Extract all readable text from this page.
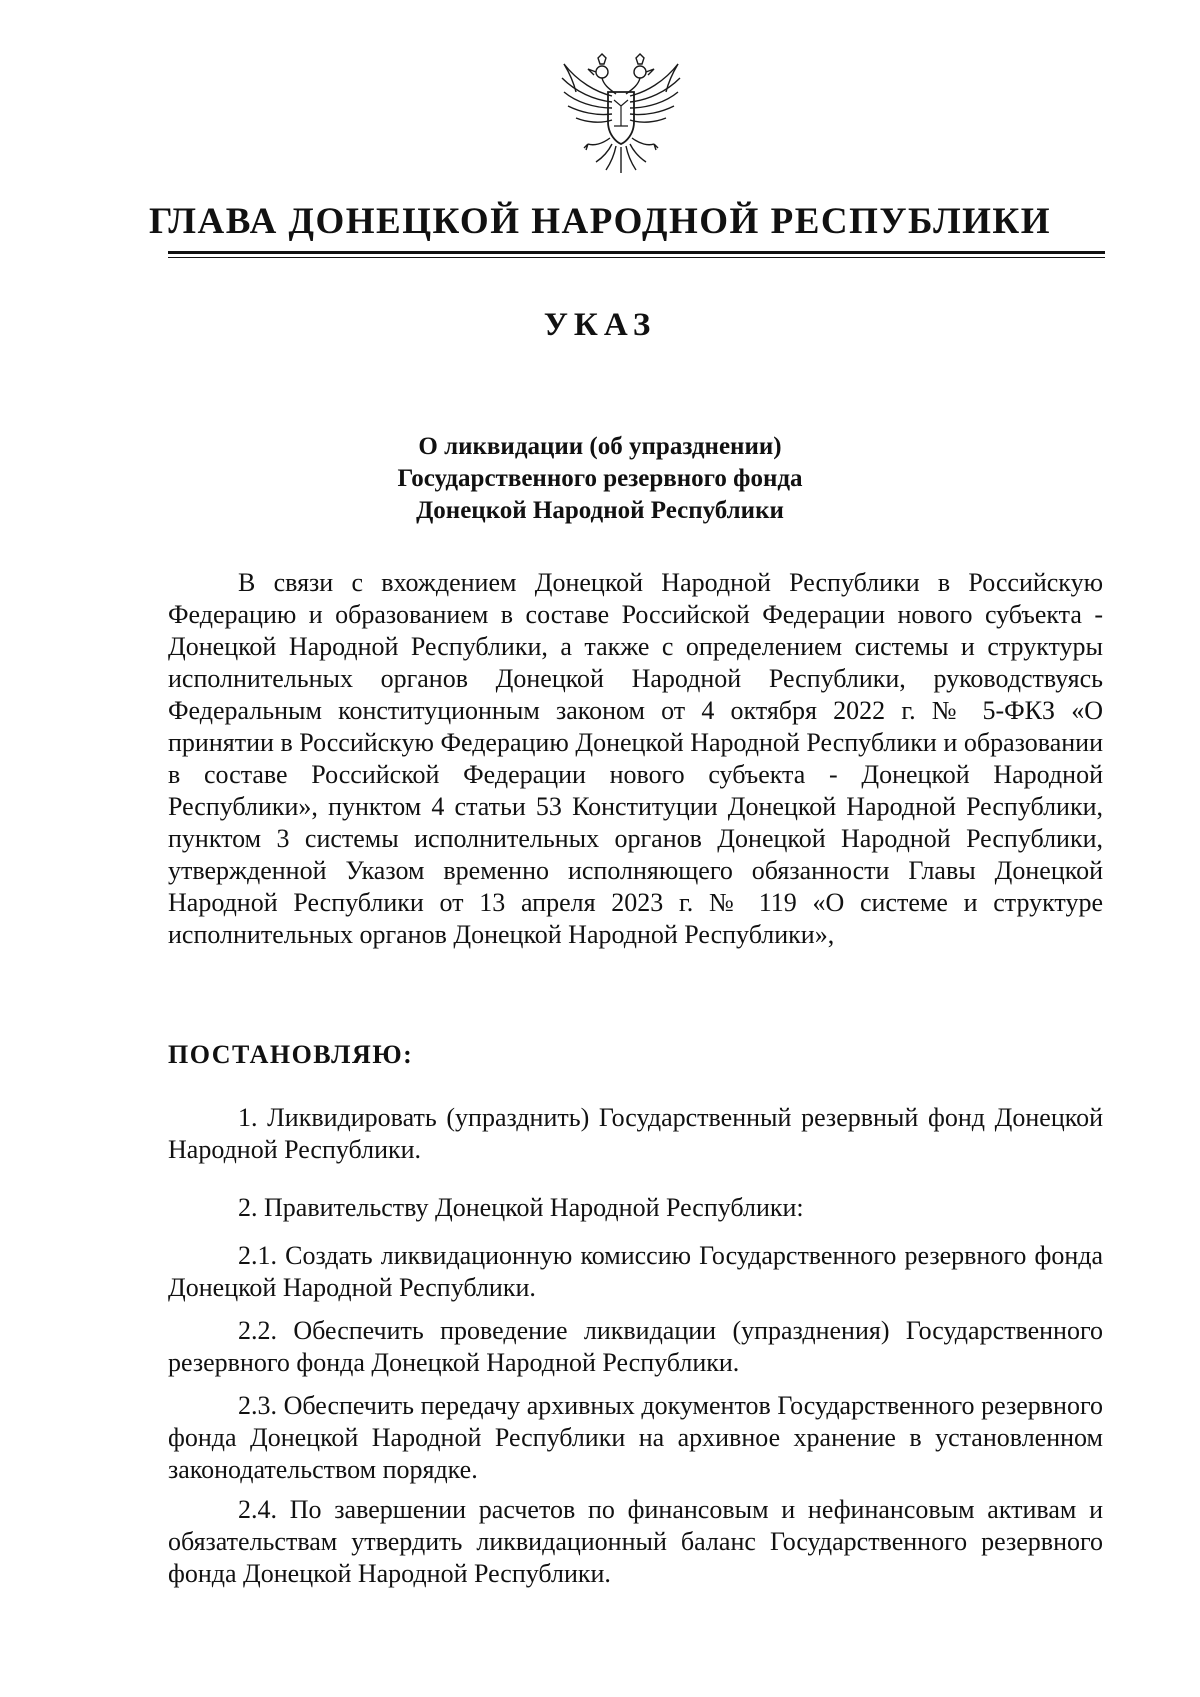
ГЛАВА ДОНЕЦКОЙ НАРОДНОЙ РЕСПУБЛИКИ
УКАЗ
О ликвидации (об упразднении)
Государственного резервного фонда
Донецкой Народной Республики
В связи с вхождением Донецкой Народной Республики в Российскую Федерацию и образованием в составе Российской Федерации нового субъекта - Донецкой Народной Республики, а также с определением системы и структуры исполнительных органов Донецкой Народной Республики, руководствуясь Федеральным конституционным законом от 4 октября 2022 г. № 5-ФКЗ «О принятии в Российскую Федерацию Донецкой Народной Республики и образовании в составе Российской Федерации нового субъекта - Донецкой Народной Республики», пунктом 4 статьи 53 Конституции Донецкой Народной Республики, пунктом 3 системы исполнительных органов Донецкой Народной Республики, утвержденной Указом временно исполняющего обязанности Главы Донецкой Народной Республики от 13 апреля 2023 г. № 119 «О системе и структуре исполнительных органов Донецкой Народной Республики»,
ПОСТАНОВЛЯЮ:
1. Ликвидировать (упразднить) Государственный резервный фонд Донецкой Народной Республики.
2. Правительству Донецкой Народной Республики:
2.1. Создать ликвидационную комиссию Государственного резервного фонда Донецкой Народной Республики.
2.2. Обеспечить проведение ликвидации (упразднения) Государственного резервного фонда Донецкой Народной Республики.
2.3. Обеспечить передачу архивных документов Государственного резервного фонда Донецкой Народной Республики на архивное хранение в установленном законодательством порядке.
2.4. По завершении расчетов по финансовым и нефинансовым активам и обязательствам утвердить ликвидационный баланс Государственного резервного фонда Донецкой Народной Республики.
